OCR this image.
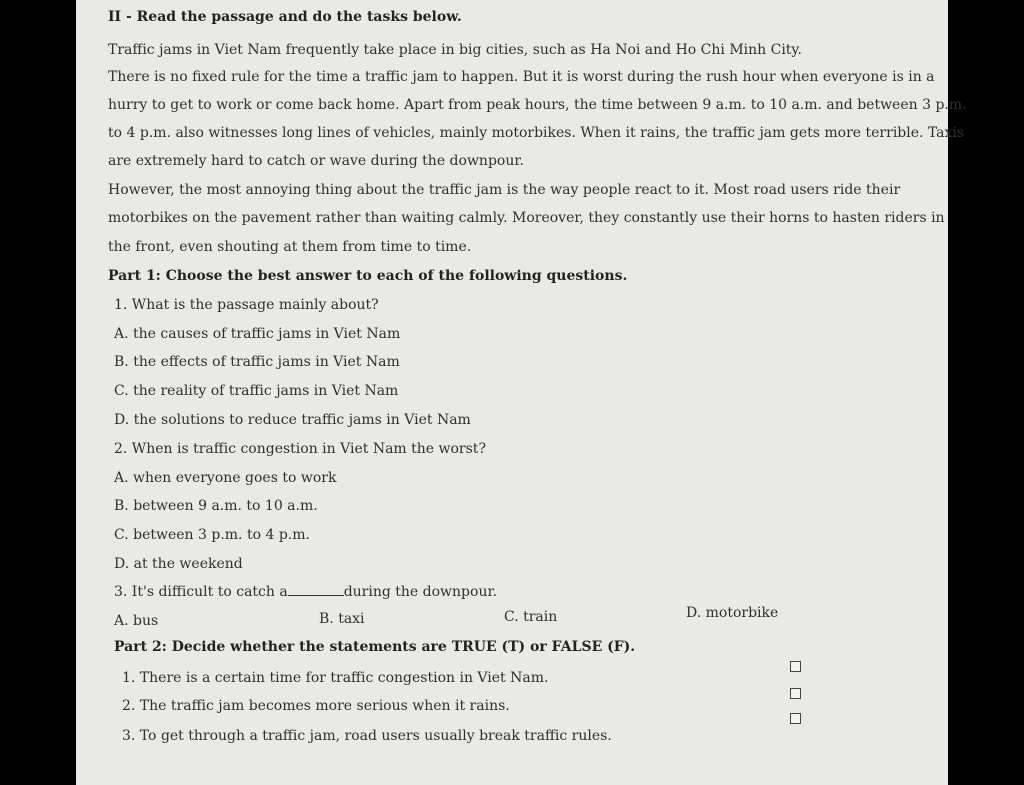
II - Read the passage and do the tasks below.
Traffic jams in Viet Nam frequently take place in big cities, such as Ha Noi and Ho Chi Minh City.
There is no fixed rule for the time a traffic jam to happen. But it is worst during the rush hour when everyone is in a
hurry to get to work or come back home. Apart from peak hours, the time between 9 a.m. to 10 a.m. and between 3 p.m.
to 4 p.m. also witnesses long lines of vehicles, mainly motorbikes. When it rains, the traffic jam gets more terrible. Taxis
are extremely hard to catch or wave during the downpour.
However, the most annoying thing about the traffic jam is the way people react to it. Most road users ride their
motorbikes on the pavement rather than waiting calmly. Moreover, they constantly use their horns to hasten riders in
the front, even shouting at them from time to time.
Part 1: Choose the best answer to each of the following questions.
1. What is the passage mainly about?
A. the causes of traffic jams in Viet Nam
B. the effects of traffic jams in Viet Nam
C. the reality of traffic jams in Viet Nam
D. the solutions to reduce traffic jams in Viet Nam
2. When is traffic congestion in Viet Nam the worst?
A. when everyone goes to work
B. between 9 a.m. to 10 a.m.
C. between 3 p.m. to 4 p.m.
D. at the weekend
3. It's difficult to catch a	during the downpour.
A. bus	B. taxi	C. train	D. motorbike
Part 2: Decide whether the statements are TRUE (T) or FALSE (F).
1. There is a certain time for traffic congestion in Viet Nam.
2. The traffic jam becomes more serious when it rains.
3. To get through a traffic jam, road users usually break traffic rules.
